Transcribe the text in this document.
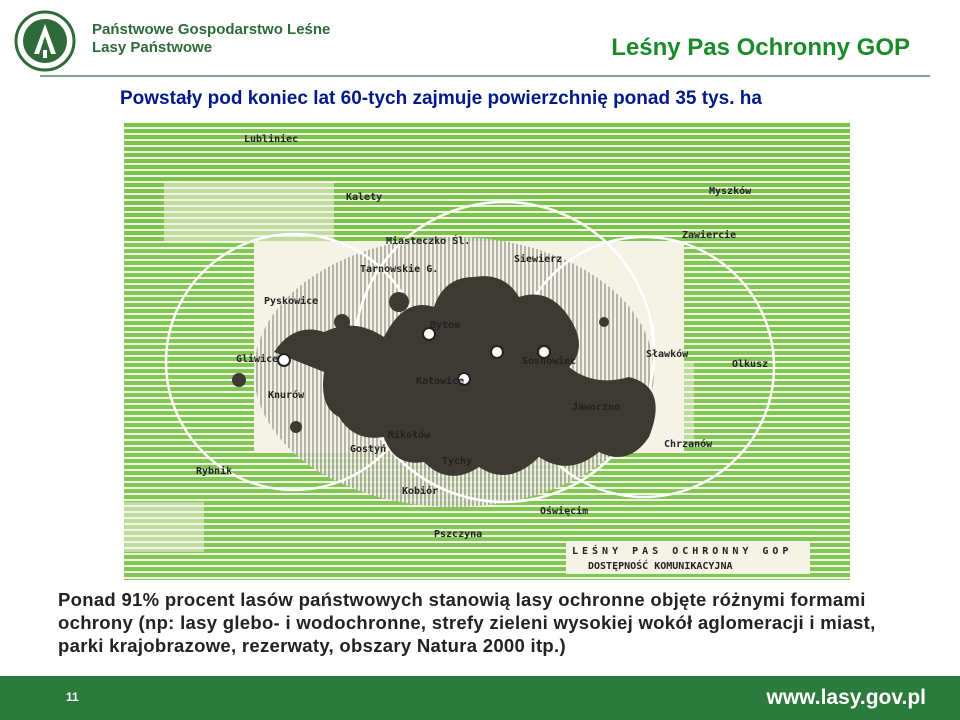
Państwowe Gospodarstwo Leśne
Lasy Państwowe	Leśny Pas Ochronny GOP
Powstały pod koniec lat 60-tych zajmuje powierzchnię ponad 35 tys. ha
Lubliniec
Kalety
Myszków
Miasteczko Śl.
Siewierz
Zawiercie
Tarnowskie G.
Pyskowice
Bytom
Gliwice	Sosnowiec
Sławków
Olkusz
Katowice
Jaworzno
Knurów
Mikołów
Chrzanów
Rybnik
Tychy
Gostyń
Kobiór
Oświęcim
Pszczyna
LEŚNY PAS OCHRONNY GOP
DOSTĘPNOŚĆ KOMUNIKACYJNA
Ponad 91% procent lasów państwowych stanowią lasy ochronne objęte różnymi formami ochrony (np: lasy glebo- i wodochronne, strefy zieleni wysokiej wokół aglomeracji i miast, parki krajobrazowe, rezerwaty, obszary Natura 2000 itp.)
11	www.lasy.gov.pl
